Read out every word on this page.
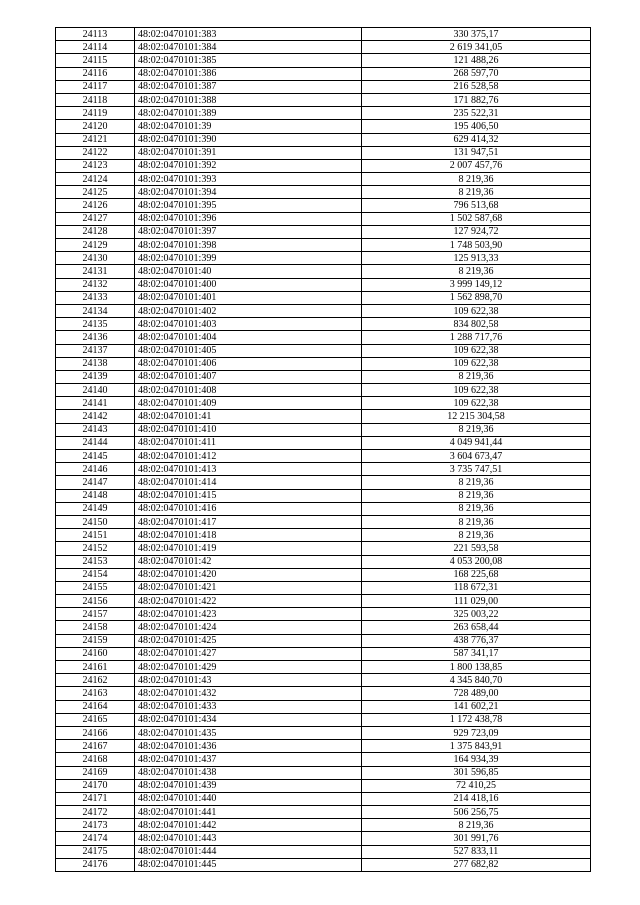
24113	48:02:0470101:383	330 375,17
24114	48:02:0470101:384	2 619 341,05
24115	48:02:0470101:385	121 488,26
24116	48:02:0470101:386	268 597,70
24117	48:02:0470101:387	216 528,58
24118	48:02:0470101:388	171 882,76
24119	48:02:0470101:389	235 522,31
24120	48:02:0470101:39	195 406,50
24121	48:02:0470101:390	629 414,32
24122	48:02:0470101:391	131 947,51
24123	48:02:0470101:392	2 007 457,76
24124	48:02:0470101:393	8 219,36
24125	48:02:0470101:394	8 219,36
24126	48:02:0470101:395	796 513,68
24127	48:02:0470101:396	1 502 587,68
24128	48:02:0470101:397	127 924,72
24129	48:02:0470101:398	1 748 503,90
24130	48:02:0470101:399	125 913,33
24131	48:02:0470101:40	8 219,36
24132	48:02:0470101:400	3 999 149,12
24133	48:02:0470101:401	1 562 898,70
24134	48:02:0470101:402	109 622,38
24135	48:02:0470101:403	834 802,58
24136	48:02:0470101:404	1 288 717,76
24137	48:02:0470101:405	109 622,38
24138	48:02:0470101:406	109 622,38
24139	48:02:0470101:407	8 219,36
24140	48:02:0470101:408	109 622,38
24141	48:02:0470101:409	109 622,38
24142	48:02:0470101:41	12 215 304,58
24143	48:02:0470101:410	8 219,36
24144	48:02:0470101:411	4 049 941,44
24145	48:02:0470101:412	3 604 673,47
24146	48:02:0470101:413	3 735 747,51
24147	48:02:0470101:414	8 219,36
24148	48:02:0470101:415	8 219,36
24149	48:02:0470101:416	8 219,36
24150	48:02:0470101:417	8 219,36
24151	48:02:0470101:418	8 219,36
24152	48:02:0470101:419	221 593,58
24153	48:02:0470101:42	4 053 200,08
24154	48:02:0470101:420	168 225,68
24155	48:02:0470101:421	118 672,31
24156	48:02:0470101:422	111 029,00
24157	48:02:0470101:423	325 003,22
24158	48:02:0470101:424	263 658,44
24159	48:02:0470101:425	438 776,37
24160	48:02:0470101:427	587 341,17
24161	48:02:0470101:429	1 800 138,85
24162	48:02:0470101:43	4 345 840,70
24163	48:02:0470101:432	728 489,00
24164	48:02:0470101:433	141 602,21
24165	48:02:0470101:434	1 172 438,78
24166	48:02:0470101:435	929 723,09
24167	48:02:0470101:436	1 375 843,91
24168	48:02:0470101:437	164 934,39
24169	48:02:0470101:438	301 596,85
24170	48:02:0470101:439	72 410,25
24171	48:02:0470101:440	214 418,16
24172	48:02:0470101:441	506 256,75
24173	48:02:0470101:442	8 219,36
24174	48:02:0470101:443	301 991,76
24175	48:02:0470101:444	527 833,11
24176	48:02:0470101:445	277 682,82
